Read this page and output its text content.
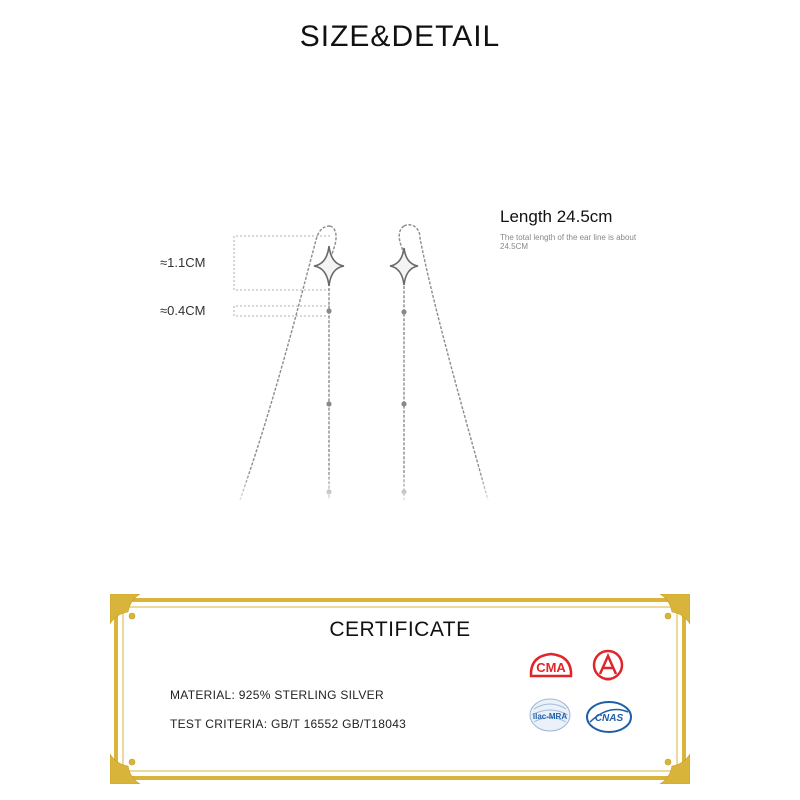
SIZE&DETAIL
≈1.1CM
≈0.4CM
Length 24.5cm
The total length of the ear line is about 24.5CM
CERTIFICATE
MATERIAL: 925% STERLING SILVER
TEST CRITERIA: GB/T 16552 GB/T18043
CMA
CAL
ilac-MRA	CNAS
